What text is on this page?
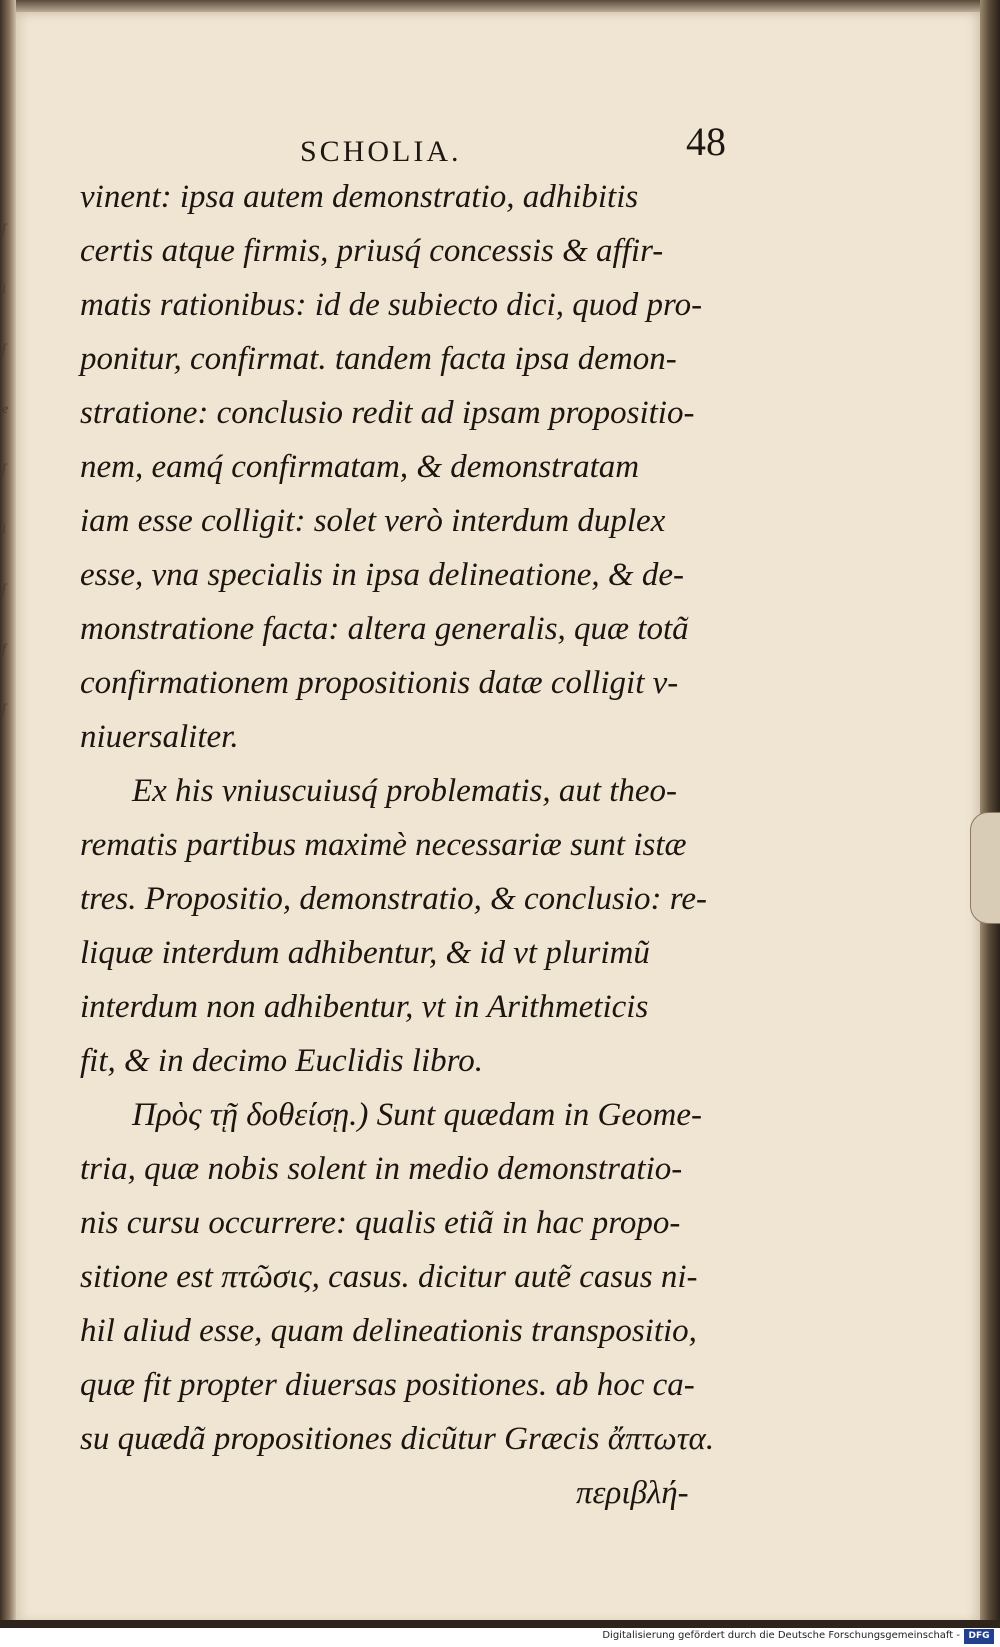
ʃ
i
ʃ
e
ʃ
i
ʃ
f
ʃ
SCHOLIA.	48
vinent: ipsa autem demonstratio, adhibitis
certis atque firmis, priusq́ concessis & affir-
matis rationibus: id de subiecto dici, quod pro-
ponitur, confirmat. tandem facta ipsa demon-
stratione: conclusio redit ad ipsam propositio-
nem, eamq́ confirmatam, & demonstratam
iam esse colligit: solet verò interdum duplex
esse, vna specialis in ipsa delineatione, & de-
monstratione facta: altera generalis, quæ totã
confirmationem propositionis datæ colligit v-
niuersaliter.
Ex his vniuscuiusq́ problematis, aut theo-
rematis partibus maximè necessariæ sunt istæ
tres. Propositio, demonstratio, & conclusio: re-
liquæ interdum adhibentur, & id vt plurimũ
interdum non adhibentur, vt in Arithmeticis
fit, & in decimo Euclidis libro.
Πρὸς τῇ δοθείσῃ.) Sunt quædam in Geome-
tria, quæ nobis solent in medio demonstratio-
nis cursu occurrere: qualis etiã in hac propo-
sitione est πτῶσις, casus. dicitur autẽ casus ni-
hil aliud esse, quam delineationis transpositio,
quæ fit propter diuersas positiones. ab hoc ca-
su quædã propositiones dicũtur Græcis ἄπτωτα.
περιβλή-
Digitalisierung gefördert durch die Deutsche Forschungsgemeinschaft - DFG
